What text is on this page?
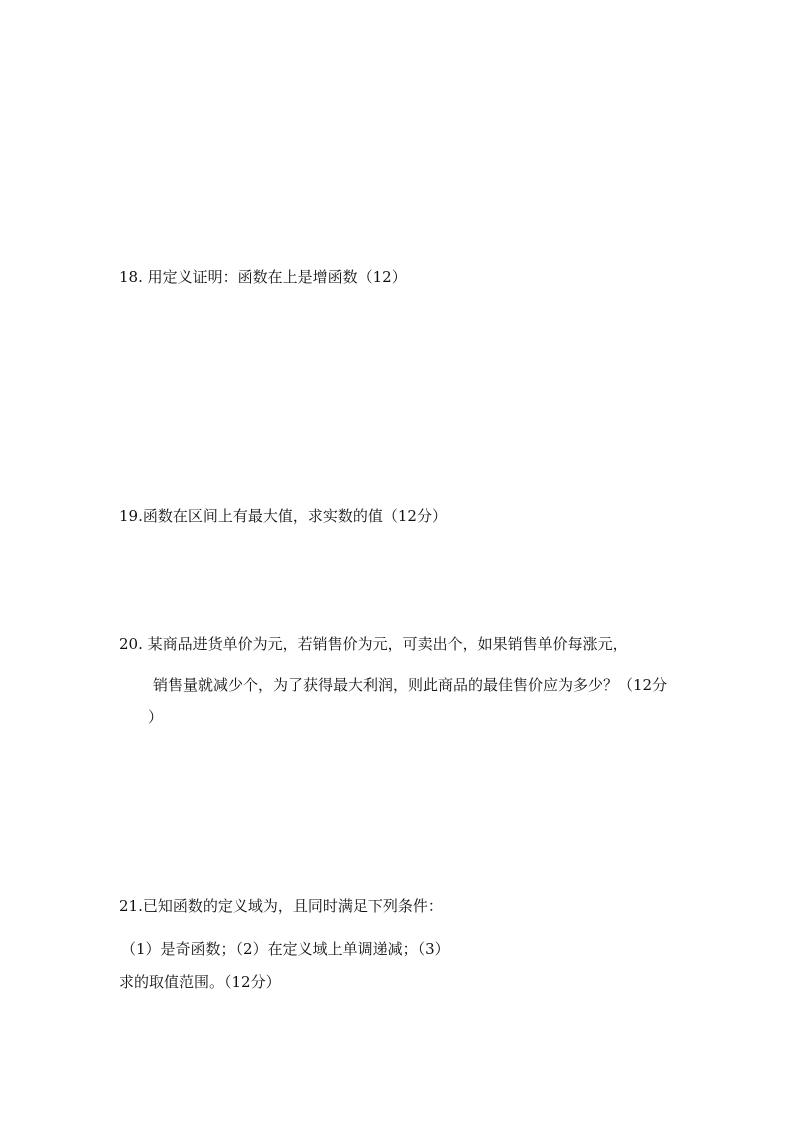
18. 用定义证明：函数在上是增函数（12）
19.函数在区间上有最大值，求实数的值（12分）
20. 某商品进货单价为元，若销售价为元，可卖出个，如果销售单价每涨元，
销售量就减少个，为了获得最大利润，则此商品的最佳售价应为多少？（12分
）
21.已知函数的定义域为，且同时满足下列条件：
（1）是奇函数；（2）在定义域上单调递减；（3）
求的取值范围。（12分）
